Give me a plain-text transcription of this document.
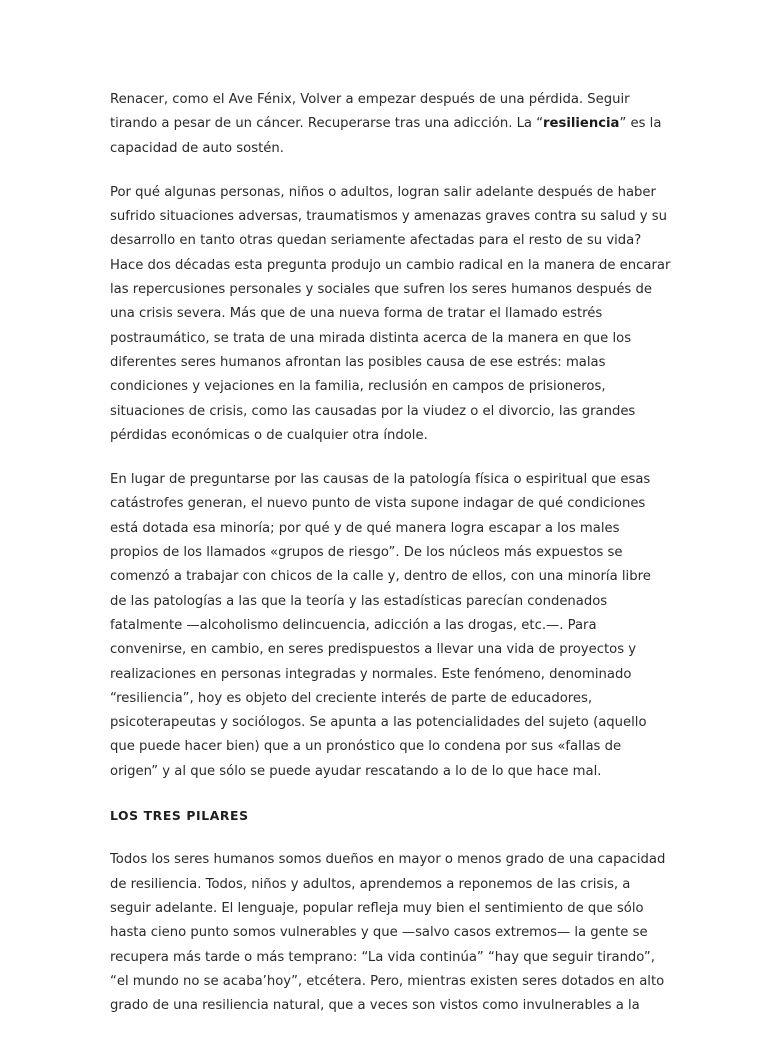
Renacer, como el Ave Fénix, Volver a empezar después de una pérdida. Seguir
tirando a pesar de un cáncer. Recuperarse tras una adicción. La “resiliencia” es la
capacidad de auto sostén.

Por qué algunas personas, niños o adultos, logran salir adelante después de haber
sufrido situaciones adversas, traumatismos y amenazas graves contra su salud y su
desarrollo en tanto otras quedan seriamente afectadas para el resto de su vida?
Hace dos décadas esta pregunta produjo un cambio radical en la manera de encarar
las repercusiones personales y sociales que sufren los seres humanos después de
una crisis severa. Más que de una nueva forma de tratar el llamado estrés
postraumático, se trata de una mirada distinta acerca de la manera en que los
diferentes seres humanos afrontan las posibles causa de ese estrés: malas
condiciones y vejaciones en la familia, reclusión en campos de prisioneros,
situaciones de crisis, como las causadas por la viudez o el divorcio, las grandes
pérdidas económicas o de cualquier otra índole.

En lugar de preguntarse por las causas de la patología física o espiritual que esas
catástrofes generan, el nuevo punto de vista supone indagar de qué condiciones
está dotada esa minoría; por qué y de qué manera logra escapar a los males
propios de los llamados «grupos de riesgo”. De los núcleos más expuestos se
comenzó a trabajar con chicos de la calle y, dentro de ellos, con una minoría libre
de las patologías a las que la teoría y las estadísticas parecían condenados
fatalmente —alcoholismo delincuencia, adicción a las drogas, etc.—. Para
convenirse, en cambio, en seres predispuestos a llevar una vida de proyectos y
realizaciones en personas integradas y normales. Este fenómeno, denominado
“resiliencia”, hoy es objeto del creciente interés de parte de educadores,
psicoterapeutas y sociólogos. Se apunta a las potencialidades del sujeto (aquello
que puede hacer bien) que a un pronóstico que lo condena por sus «fallas de
origen” y al que sólo se puede ayudar rescatando a lo de lo que hace mal.

LOS TRES PILARES

Todos los seres humanos somos dueños en mayor o menos grado de una capacidad
de resiliencia. Todos, niños y adultos, aprendemos a reponemos de las crisis, a
seguir adelante. El lenguaje, popular refleja muy bien el sentimiento de que sólo
hasta cieno punto somos vulnerables y que —salvo casos extremos— la gente se
recupera más tarde o más temprano: “La vida continúa” “hay que seguir tirando”,
“el mundo no se acaba’hoy”, etcétera. Pero, mientras existen seres dotados en alto
grado de una resiliencia natural, que a veces son vistos como invulnerables a la
